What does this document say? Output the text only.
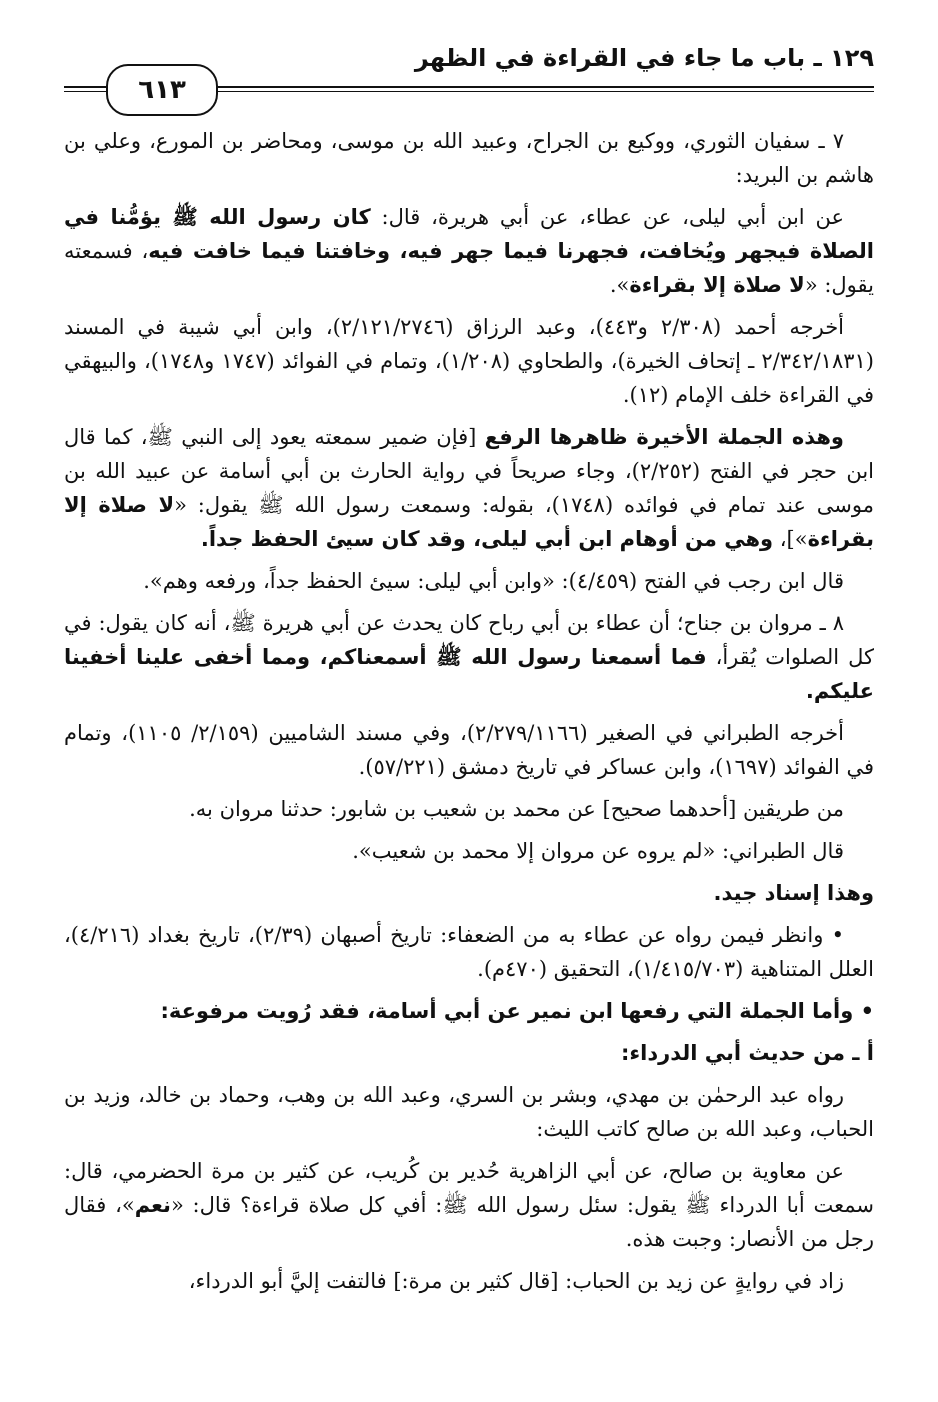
١٢٩ ـ باب ما جاء في القراءة في الظهر
٦١٣

٧ ـ سفيان الثوري، ووكيع بن الجراح، وعبيد الله بن موسى، ومحاضر بن المورع، وعلي بن هاشم بن البريد:

عن ابن أبي ليلى، عن عطاء، عن أبي هريرة، قال: كان رسول الله ﷺ يؤمُّنا في الصلاة فيجهر ويُخافت، فجهرنا فيما جهر فيه، وخافتنا فيما خافت فيه، فسمعته يقول: «لا صلاة إلا بقراءة».

أخرجه أحمد (٢/٣٠٨ و٤٤٣)، وعبد الرزاق (٢/١٢١/٢٧٤٦)، وابن أبي شيبة في المسند (٢/٣٤٢/١٨٣١ ـ إتحاف الخيرة)، والطحاوي (١/٢٠٨)، وتمام في الفوائد (١٧٤٧ و١٧٤٨)، والبيهقي في القراءة خلف الإمام (١٢).

وهذه الجملة الأخيرة ظاهرها الرفع [فإن ضمير سمعته يعود إلى النبي ﷺ، كما قال ابن حجر في الفتح (٢/٢٥٢)، وجاء صريحاً في رواية الحارث بن أبي أسامة عن عبيد الله بن موسى عند تمام في فوائده (١٧٤٨)، بقوله: وسمعت رسول الله ﷺ يقول: «لا صلاة إلا بقراءة»]، وهي من أوهام ابن أبي ليلى، وقد كان سيئ الحفظ جداً.

قال ابن رجب في الفتح (٤/٤٥٩): «وابن أبي ليلى: سيئ الحفظ جداً، ورفعه وهم».

٨ ـ مروان بن جناح؛ أن عطاء بن أبي رباح كان يحدث عن أبي هريرة ﷺ، أنه كان يقول: في كل الصلوات يُقرأ، فما أسمعنا رسول الله ﷺ أسمعناكم، ومما أخفى علينا أخفينا عليكم.

أخرجه الطبراني في الصغير (٢/٢٧٩/١١٦٦)، وفي مسند الشاميين (٢/١٥٩/ ١١٠٥)، وتمام في الفوائد (١٦٩٧)، وابن عساكر في تاريخ دمشق (٥٧/٢٢١).

من طريقين [أحدهما صحيح] عن محمد بن شعيب بن شابور: حدثنا مروان به.

قال الطبراني: «لم يروه عن مروان إلا محمد بن شعيب».

وهذا إسناد جيد.

• وانظر فيمن رواه عن عطاء به من الضعفاء: تاريخ أصبهان (٢/٣٩)، تاريخ بغداد (٤/٢١٦)، العلل المتناهية (١/٤١٥/٧٠٣)، التحقيق (٤٧٠م).

• وأما الجملة التي رفعها ابن نمير عن أبي أسامة، فقد رُويت مرفوعة:

أ ـ من حديث أبي الدرداء:

رواه عبد الرحمٰن بن مهدي، وبشر بن السري، وعبد الله بن وهب، وحماد بن خالد، وزيد بن الحباب، وعبد الله بن صالح كاتب الليث:

عن معاوية بن صالح، عن أبي الزاهرية حُدير بن كُريب، عن كثير بن مرة الحضرمي، قال: سمعت أبا الدرداء ﷺ يقول: سئل رسول الله ﷺ: أفي كل صلاة قراءة؟ قال: «نعم»، فقال رجل من الأنصار: وجبت هذه.

زاد في روايةٍ عن زيد بن الحباب: [قال كثير بن مرة:] فالتفت إليَّ أبو الدرداء،
